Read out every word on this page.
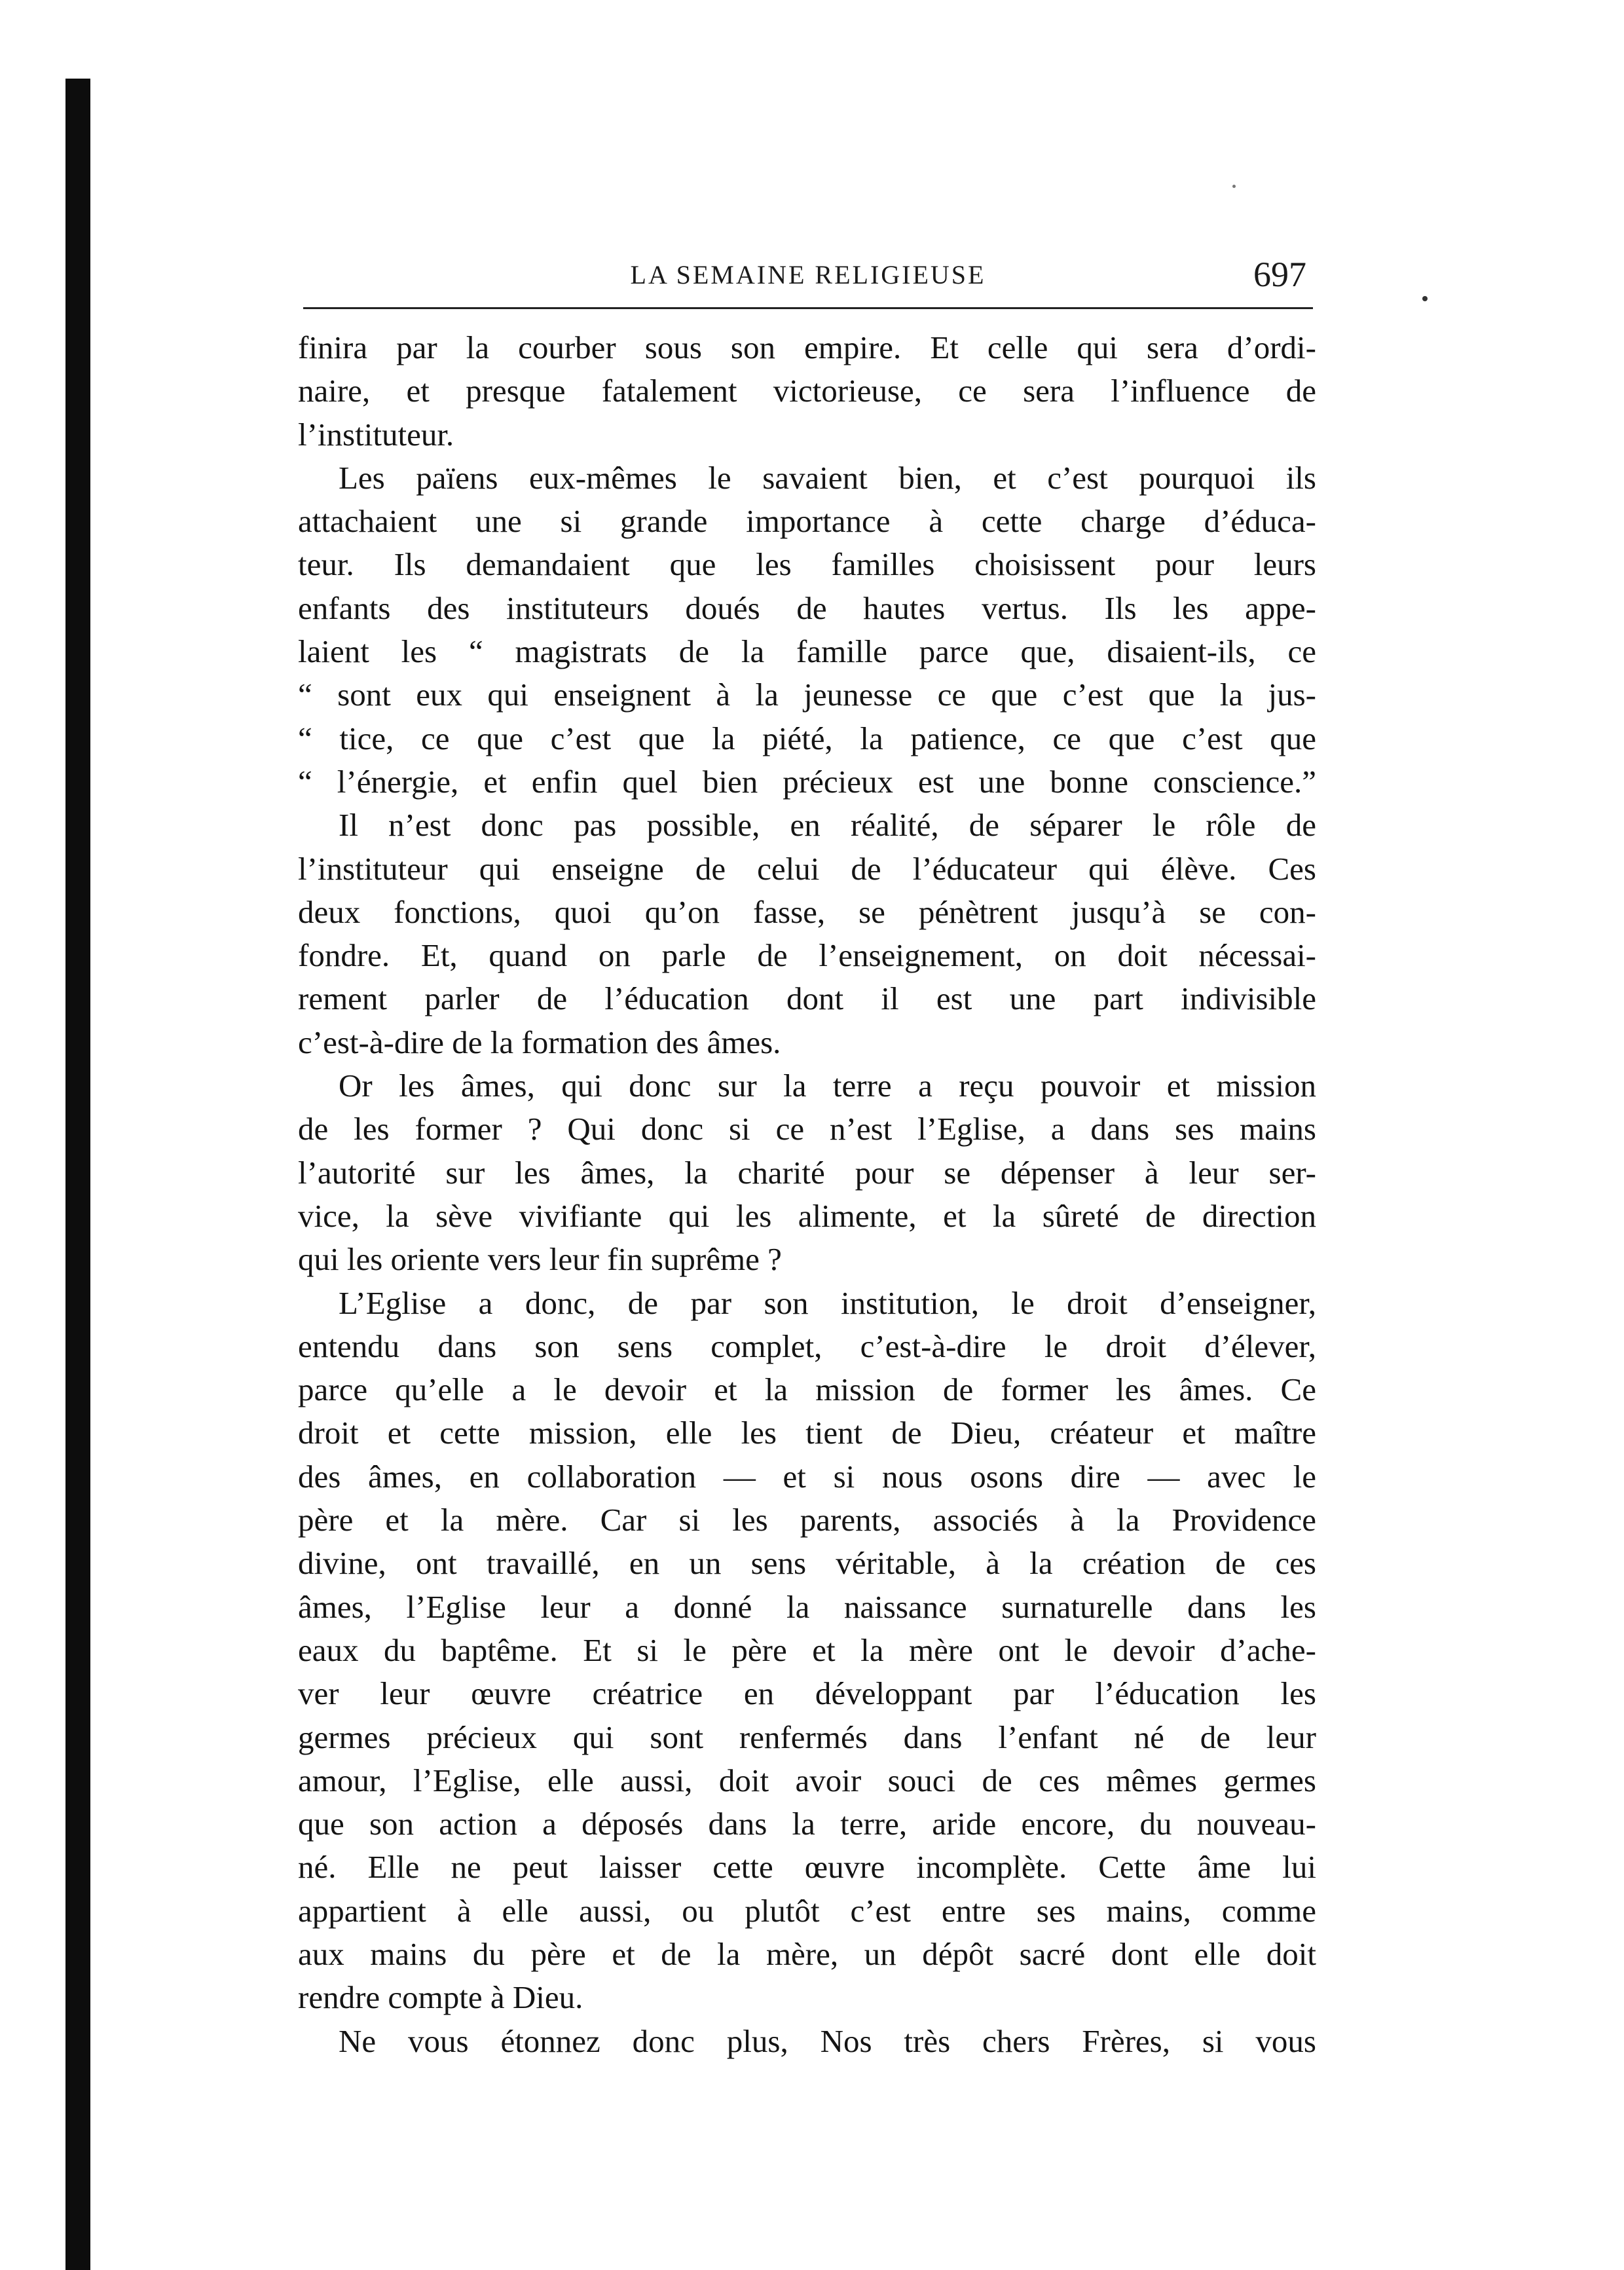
LA SEMAINE RELIGIEUSE	697
finira par la courber sous son empire. Et celle qui sera d’ordi-
naire, et presque fatalement victorieuse, ce sera l’influence de
l’instituteur.
Les païens eux-mêmes le savaient bien, et c’est pourquoi ils
attachaient une si grande importance à cette charge d’éduca-
teur. Ils demandaient que les familles choisissent pour leurs
enfants des instituteurs doués de hautes vertus. Ils les appe-
laient les “ magistrats de la famille parce que, disaient-ils, ce
“ sont eux qui enseignent à la jeunesse ce que c’est que la jus-
“ tice, ce que c’est que la piété, la patience, ce que c’est que
“ l’énergie, et enfin quel bien précieux est une bonne conscience.”
Il n’est donc pas possible, en réalité, de séparer le rôle de
l’instituteur qui enseigne de celui de l’éducateur qui élève. Ces
deux fonctions, quoi qu’on fasse, se pénètrent jusqu’à se con-
fondre. Et, quand on parle de l’enseignement, on doit nécessai-
rement parler de l’éducation dont il est une part indivisible
c’est-à-dire de la formation des âmes.
Or les âmes, qui donc sur la terre a reçu pouvoir et mission
de les former ? Qui donc si ce n’est l’Eglise, a dans ses mains
l’autorité sur les âmes, la charité pour se dépenser à leur ser-
vice, la sève vivifiante qui les alimente, et la sûreté de direction
qui les oriente vers leur fin suprême ?
L’Eglise a donc, de par son institution, le droit d’enseigner,
entendu dans son sens complet, c’est-à-dire le droit d’élever,
parce qu’elle a le devoir et la mission de former les âmes. Ce
droit et cette mission, elle les tient de Dieu, créateur et maître
des âmes, en collaboration — et si nous osons dire — avec le
père et la mère. Car si les parents, associés à la Providence
divine, ont travaillé, en un sens véritable, à la création de ces
âmes, l’Eglise leur a donné la naissance surnaturelle dans les
eaux du baptême. Et si le père et la mère ont le devoir d’ache-
ver leur œuvre créatrice en développant par l’éducation les
germes précieux qui sont renfermés dans l’enfant né de leur
amour, l’Eglise, elle aussi, doit avoir souci de ces mêmes germes
que son action a déposés dans la terre, aride encore, du nouveau-
né. Elle ne peut laisser cette œuvre incomplète. Cette âme lui
appartient à elle aussi, ou plutôt c’est entre ses mains, comme
aux mains du père et de la mère, un dépôt sacré dont elle doit
rendre compte à Dieu.
Ne vous étonnez donc plus, Nos très chers Frères, si vous
